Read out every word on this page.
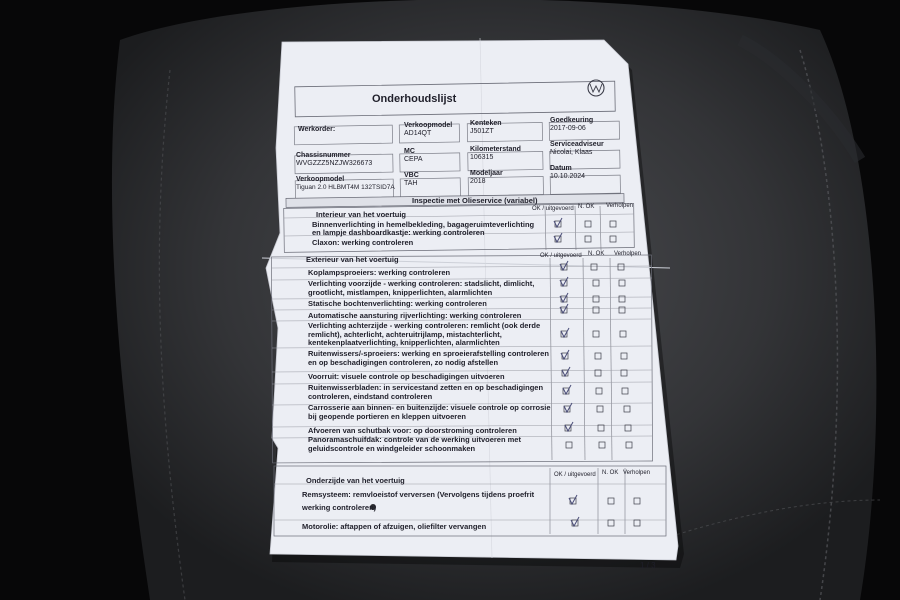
Onderhoudslijst
1 / 3
Werkorder:
Verkoopmodel
AD14QT
Kenteken
J501ZT
Goedkeuring
2017-09-06
Chassisnummer
WVGZZZ5NZJW326673
MC
CEPA
Kilometerstand
106315
Serviceadviseur
Nicolai, Klaas
Verkoopmodel
Tiguan 2.0 HLBMT4M 132TSID7A
VBC
TAH
Modeljaar
2018
Datum
10.10.2024
Inspectie met Olieservice (variabel)
Interieur van het voertuig
OK / uitgevoerd N. OK Verholpen
Binnenverlichting in hemelbekleding, bagageruimteverlichting en lampje dashboardkastje: werking controleren
Claxon: werking controleren
Exterieur van het voertuig	OK / uitgevoerd N. OK Verholpen
Koplampsproeiers: werking controleren
Verlichting voorzijde - werking controleren: stadslicht, dimlicht, grootlicht, mistlampen, knipperlichten, alarmlichten
Statische bochtenverlichting: werking controleren
Automatische aansturing rijverlichting: werking controleren
Verlichting achterzijde - werking controleren: remlicht (ook derde remlicht), achterlicht, achteruitrijlamp, mistachterlicht, kentekenplaatverlichting, knipperlichten, alarmlichten
Ruitenwissers/-sproeiers: werking en sproeierafstelling controleren en op beschadigingen controleren, zo nodig afstellen
Voorruit: visuele controle op beschadigingen uitvoeren
Ruitenwisserbladen: in servicestand zetten en op beschadigingen controleren, eindstand controleren
Carrosserie aan binnen- en buitenzijde: visuele controle op corrosie bij geopende portieren en kleppen uitvoeren
Afvoeren van schutbak voor: op doorstroming controleren
Panoramaschuifdak: controle van de werking uitvoeren met geluidscontrole en windgeleider schoonmaken
Onderzijde van het voertuig
OK / uitgevoerd N. OK Verholpen
Remsysteem: remvloeistof verversen (Vervolgens tijdens proefrit werking controleren)
Motorolie: aftappen of afzuigen, oliefilter vervangen
